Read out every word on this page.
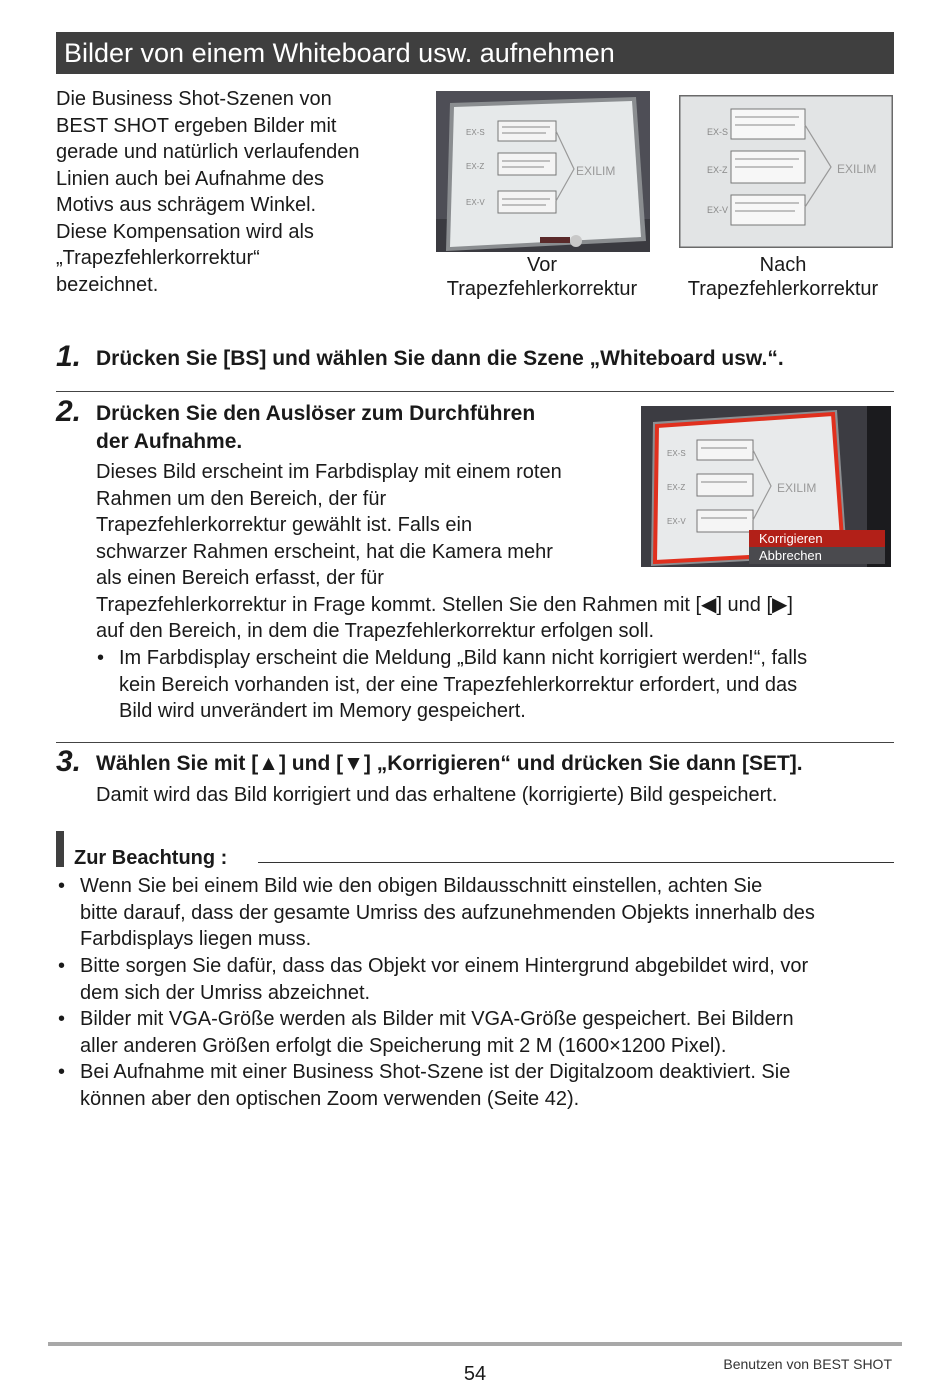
Bilder von einem Whiteboard usw. aufnehmen
Die Business Shot-Szenen von
BEST SHOT ergeben Bilder mit
gerade und natürlich verlaufenden
Linien auch bei Aufnahme des
Motivs aus schrägem Winkel.
Diese Kompensation wird als
„Trapezfehlerkorrektur“
bezeichnet.
EX-S
EX-Z
EX-V
EXILIM
Vor
Trapezfehlerkorrektur
EX-S
EX-Z
EX-V
EXILIM
Nach
Trapezfehlerkorrektur
1. Drücken Sie [BS] und wählen Sie dann die Szene „Whiteboard usw.“.
2. Drücken Sie den Auslöser zum Durchführen
der Aufnahme.
Dieses Bild erscheint im Farbdisplay mit einem roten
Rahmen um den Bereich, der für
Trapezfehlerkorrektur gewählt ist. Falls ein
schwarzer Rahmen erscheint, hat die Kamera mehr
als einen Bereich erfasst, der für
Trapezfehlerkorrektur in Frage kommt. Stellen Sie den Rahmen mit [◀] und [▶]
auf den Bereich, in dem die Trapezfehlerkorrektur erfolgen soll.
EX-S
EX-Z
EX-V
EXILIM
Korrigieren
Abbrechen
• Im Farbdisplay erscheint die Meldung „Bild kann nicht korrigiert werden!“, falls
kein Bereich vorhanden ist, der eine Trapezfehlerkorrektur erfordert, und das
Bild wird unverändert im Memory gespeichert.
3. Wählen Sie mit [▲] und [▼] „Korrigieren“ und drücken Sie dann [SET].
Damit wird das Bild korrigiert und das erhaltene (korrigierte) Bild gespeichert.
Zur Beachtung :
• Wenn Sie bei einem Bild wie den obigen Bildausschnitt einstellen, achten Sie
bitte darauf, dass der gesamte Umriss des aufzunehmenden Objekts innerhalb des
Farbdisplays liegen muss.
• Bitte sorgen Sie dafür, dass das Objekt vor einem Hintergrund abgebildet wird, vor
dem sich der Umriss abzeichnet.
• Bilder mit VGA-Größe werden als Bilder mit VGA-Größe gespeichert. Bei Bildern
aller anderen Größen erfolgt die Speicherung mit 2 M (1600×1200 Pixel).
• Bei Aufnahme mit einer Business Shot-Szene ist der Digitalzoom deaktiviert. Sie
können aber den optischen Zoom verwenden (Seite 42).
54	Benutzen von BEST SHOT
